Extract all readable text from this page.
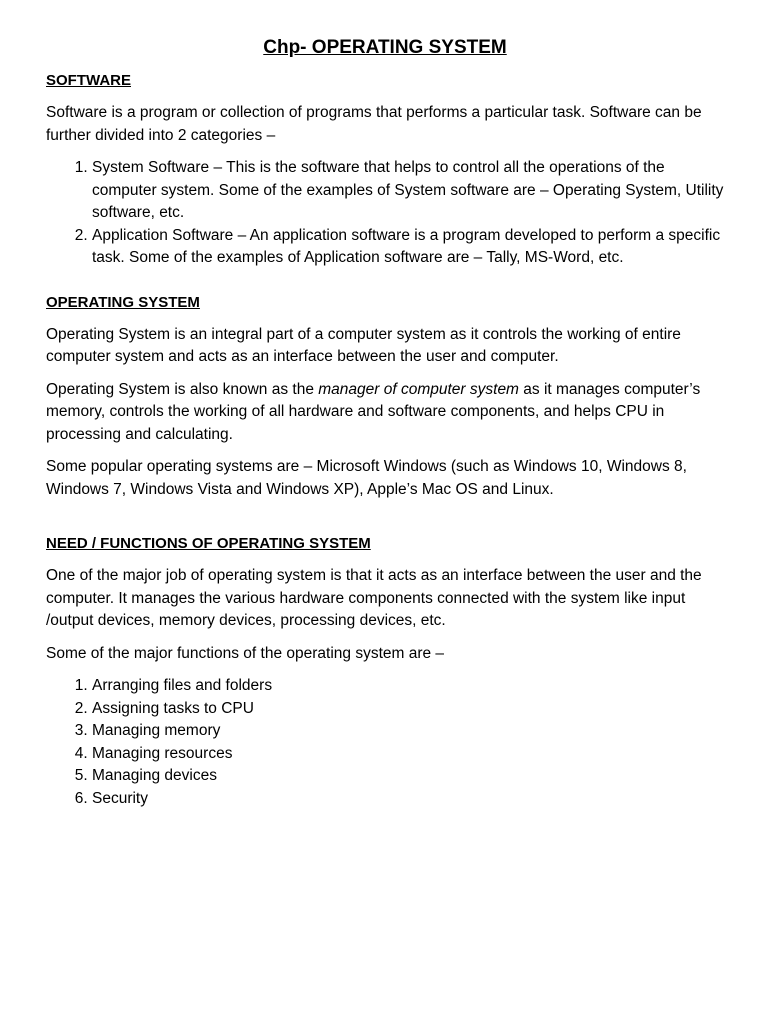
Chp- OPERATING SYSTEM
SOFTWARE

Software is a program or collection of programs that performs a particular task. Software can be further divided into 2 categories –

1. System Software – This is the software that helps to control all the operations of the computer system. Some of the examples of System software are – Operating System, Utility software, etc.
2. Application Software – An application software is a program developed to perform a specific task. Some of the examples of Application software are – Tally, MS-Word, etc.
OPERATING SYSTEM

Operating System is an integral part of a computer system as it controls the working of entire computer system and acts as an interface between the user and computer.

Operating System is also known as the manager of computer system as it manages computer’s memory, controls the working of all hardware and software components, and helps CPU in processing and calculating.

Some popular operating systems are – Microsoft Windows (such as Windows 10, Windows 8, Windows 7, Windows Vista and Windows XP), Apple’s Mac OS and Linux.

NEED / FUNCTIONS OF OPERATING SYSTEM

One of the major job of operating system is that it acts as an interface between the user and the computer. It manages the various hardware components connected with the system like input /output devices, memory devices, processing devices, etc.

Some of the major functions of the operating system are –

1. Arranging files and folders
2. Assigning tasks to CPU
3. Managing memory
4. Managing resources
5. Managing devices
6. Security
